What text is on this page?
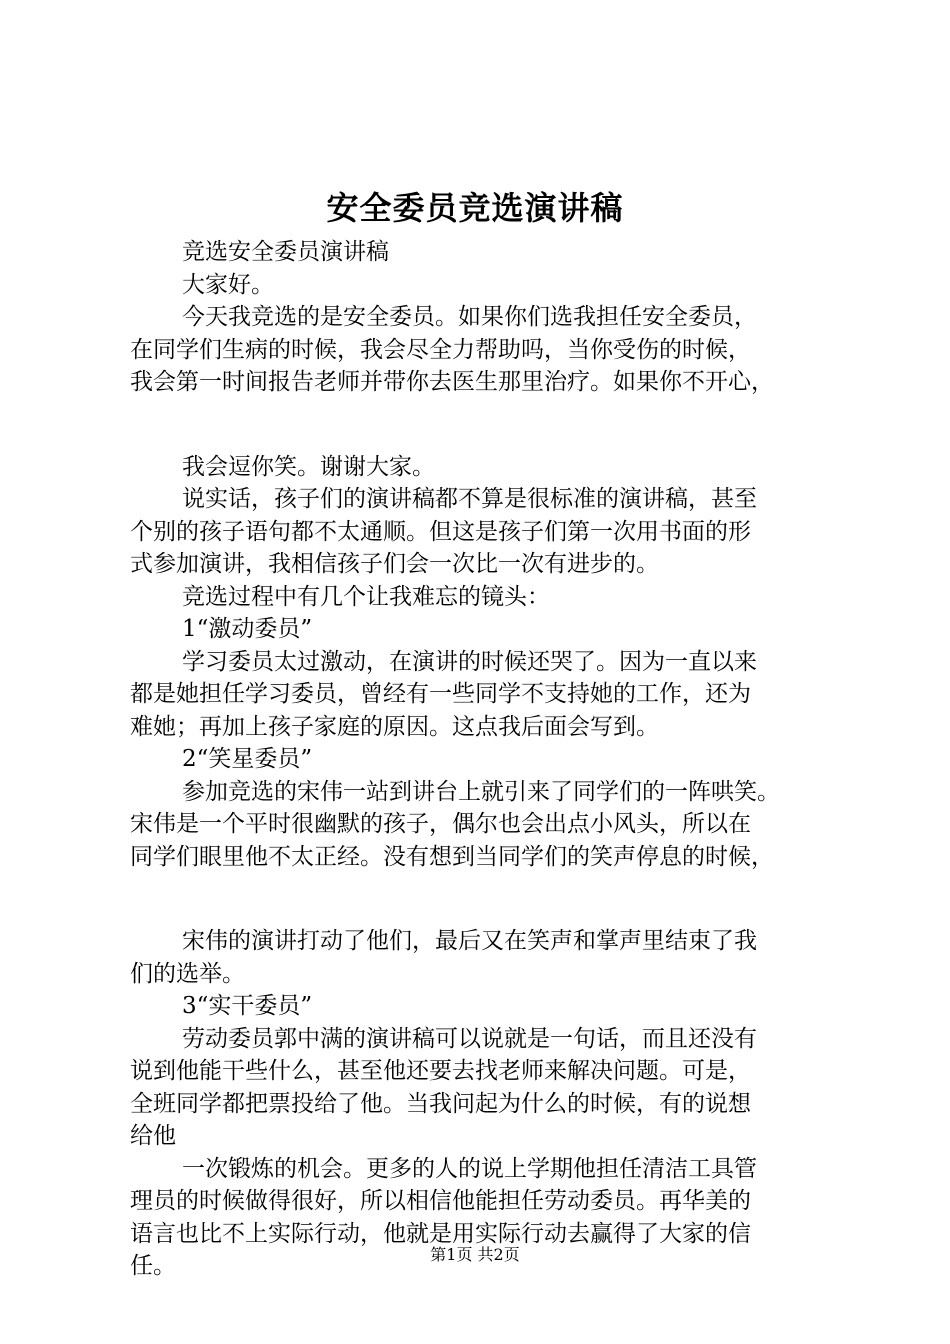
安全委员竞选演讲稿
竞选安全委员演讲稿
大家好。
今天我竞选的是安全委员。如果你们选我担任安全委员，
在同学们生病的时候，我会尽全力帮助吗，当你受伤的时候，
我会第一时间报告老师并带你去医生那里治疗。如果你不开心，
我会逗你笑。谢谢大家。
说实话，孩子们的演讲稿都不算是很标准的演讲稿，甚至
个别的孩子语句都不太通顺。但这是孩子们第一次用书面的形
式参加演讲，我相信孩子们会一次比一次有进步的。
竞选过程中有几个让我难忘的镜头：
1“激动委员”
学习委员太过激动，在演讲的时候还哭了。因为一直以来
都是她担任学习委员，曾经有一些同学不支持她的工作，还为
难她；再加上孩子家庭的原因。这点我后面会写到。
2“笑星委员”
参加竞选的宋伟一站到讲台上就引来了同学们的一阵哄笑。
宋伟是一个平时很幽默的孩子，偶尔也会出点小风头，所以在
同学们眼里他不太正经。没有想到当同学们的笑声停息的时候，
宋伟的演讲打动了他们，最后又在笑声和掌声里结束了我
们的选举。
3“实干委员”
劳动委员郭中满的演讲稿可以说就是一句话，而且还没有
说到他能干些什么，甚至他还要去找老师来解决问题。可是，
全班同学都把票投给了他。当我问起为什么的时候，有的说想
给他
一次锻炼的机会。更多的人的说上学期他担任清洁工具管
理员的时候做得很好，所以相信他能担任劳动委员。再华美的
语言也比不上实际行动，他就是用实际行动去赢得了大家的信
任。	第1页 共2页
